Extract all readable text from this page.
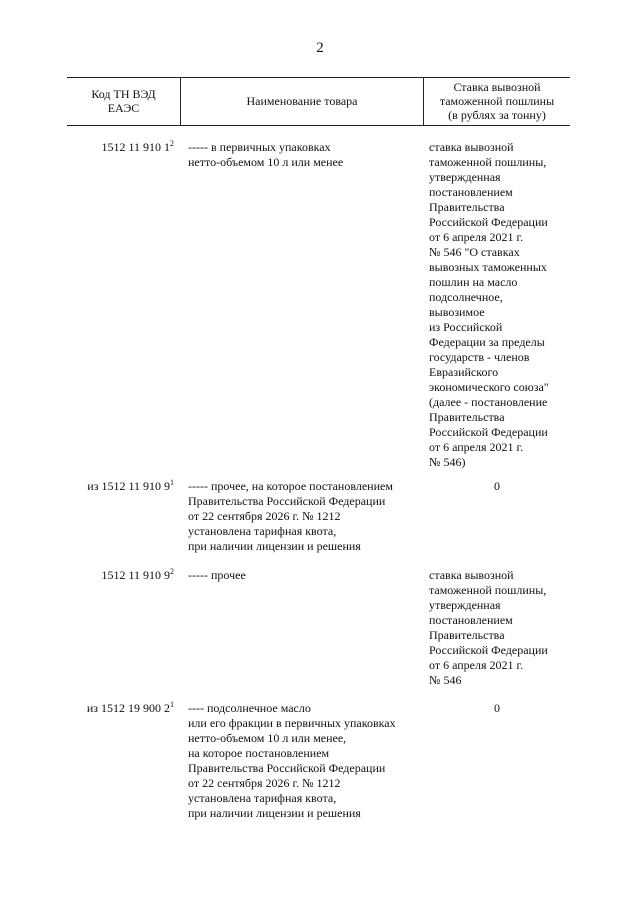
2
Код ТН ВЭД
ЕАЭС	Наименование товара
Ставка вывозной
таможенной пошлины
(в рублях за тонну)
1512 11 910 $1^2$ ----- в первичных упаковках
нетто-объемом 10 л или менее
ставка вывозной
таможенной пошлины,
утвержденная
постановлением
Правительства
Российской Федерации
от 6 апреля 2021 г.
№ 546 "О ставках
вывозных таможенных
пошлин на масло
подсолнечное,
вывозимое
из Российской
Федерации за пределы
государств - членов
Евразийского
экономического союза"
(далее - постановление
Правительства
Российской Федерации
от 6 апреля 2021 г.
№ 546)
из 1512 11 910 $9^1$ ----- прочее, на которое постановлением
Правительства Российской Федерации
от 22 сентября 2026 г. № 1212
установлена тарифная квота,
при наличии лицензии и решения
0
1512 11 910 $9^2$ ----- прочее	ставка вывозной
таможенной пошлины,
утвержденная
постановлением
Правительства
Российской Федерации
от 6 апреля 2021 г.
№ 546
из 1512 19 900 $2^1$ ---- подсолнечное масло
или его фракции в первичных упаковках
нетто-объемом 10 л или менее,
на которое постановлением
Правительства Российской Федерации
от 22 сентября 2026 г. № 1212
установлена тарифная квота,
при наличии лицензии и решения
0
